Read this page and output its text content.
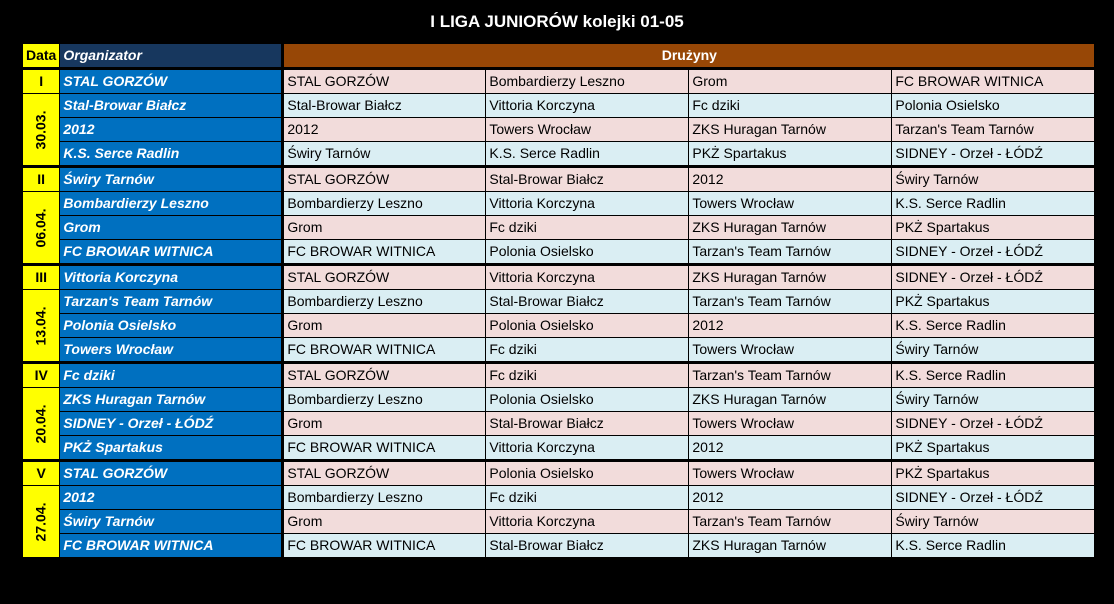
I LIGA JUNIORÓW kolejki 01-05
Data	Organizator	Drużyny			
I	STAL GORZÓW	STAL GORZÓW	Bombardierzy Leszno	Grom	FC BROWAR WITNICA

30.03.	Stal-Browar Białcz	Stal-Browar Białcz	Vittoria Korczyna	Fc dziki	Polonia Osielsko
	2012	2012	Towers Wrocław	ZKS Huragan Tarnów	Tarzan's Team Tarnów
	K.S. Serce Radlin	Świry Tarnów	K.S. Serce Radlin	PKŻ Spartakus	SIDNEY - Orzeł - ŁÓDŹ
II	Świry Tarnów	STAL GORZÓW	Stal-Browar Białcz	2012	Świry Tarnów

06.04.	Bombardierzy Leszno	Bombardierzy Leszno	Vittoria Korczyna	Towers Wrocław	K.S. Serce Radlin
	Grom	Grom	Fc dziki	ZKS Huragan Tarnów	PKŻ Spartakus
	FC BROWAR WITNICA	FC BROWAR WITNICA	Polonia Osielsko	Tarzan's Team Tarnów	SIDNEY - Orzeł - ŁÓDŹ
III	Vittoria Korczyna	STAL GORZÓW	Vittoria Korczyna	ZKS Huragan Tarnów	SIDNEY - Orzeł - ŁÓDŹ

13.04.	Tarzan's Team Tarnów	Bombardierzy Leszno	Stal-Browar Białcz	Tarzan's Team Tarnów	PKŻ Spartakus
	Polonia Osielsko	Grom	Polonia Osielsko	2012	K.S. Serce Radlin
	Towers Wrocław	FC BROWAR WITNICA	Fc dziki	Towers Wrocław	Świry Tarnów
IV	Fc dziki	STAL GORZÓW	Fc dziki	Tarzan's Team Tarnów	K.S. Serce Radlin

20.04.	ZKS Huragan Tarnów	Bombardierzy Leszno	Polonia Osielsko	ZKS Huragan Tarnów	Świry Tarnów
	SIDNEY - Orzeł - ŁÓDŹ	Grom	Stal-Browar Białcz	Towers Wrocław	SIDNEY - Orzeł - ŁÓDŹ
	PKŻ Spartakus	FC BROWAR WITNICA	Vittoria Korczyna	2012	PKŻ Spartakus
V	STAL GORZÓW	STAL GORZÓW	Polonia Osielsko	Towers Wrocław	PKŻ Spartakus

27.04.	2012	Bombardierzy Leszno	Fc dziki	2012	SIDNEY - Orzeł - ŁÓDŹ
	Świry Tarnów	Grom	Vittoria Korczyna	Tarzan's Team Tarnów	Świry Tarnów
	FC BROWAR WITNICA	FC BROWAR WITNICA	Stal-Browar Białcz	ZKS Huragan Tarnów	K.S. Serce Radlin
